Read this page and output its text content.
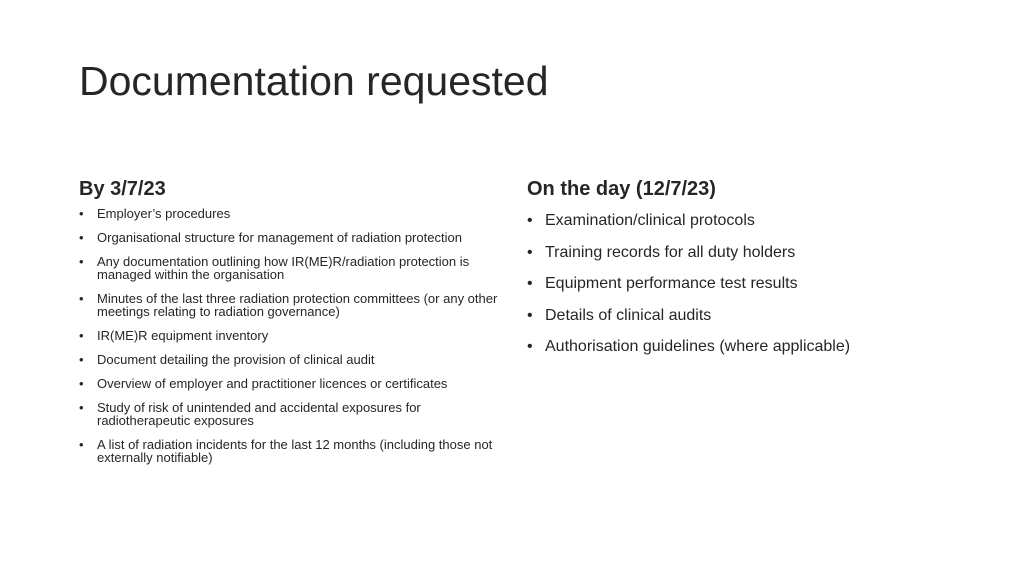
Documentation requested
By 3/7/23
• Employer’s procedures
• Organisational structure for management of radiation protection
• Any documentation outlining how IR(ME)R/radiation protection is managed within the organisation
• Minutes of the last three radiation protection committees (or any other meetings relating to radiation governance)
• IR(ME)R equipment inventory
• Document detailing the provision of clinical audit
• Overview of employer and practitioner licences or certificates
• Study of risk of unintended and accidental exposures for radiotherapeutic exposures
• A list of radiation incidents for the last 12 months (including those not externally notifiable)
On the day (12/7/23)
• Examination/clinical protocols
• Training records for all duty holders
• Equipment performance test results
• Details of clinical audits
• Authorisation guidelines (where applicable)
